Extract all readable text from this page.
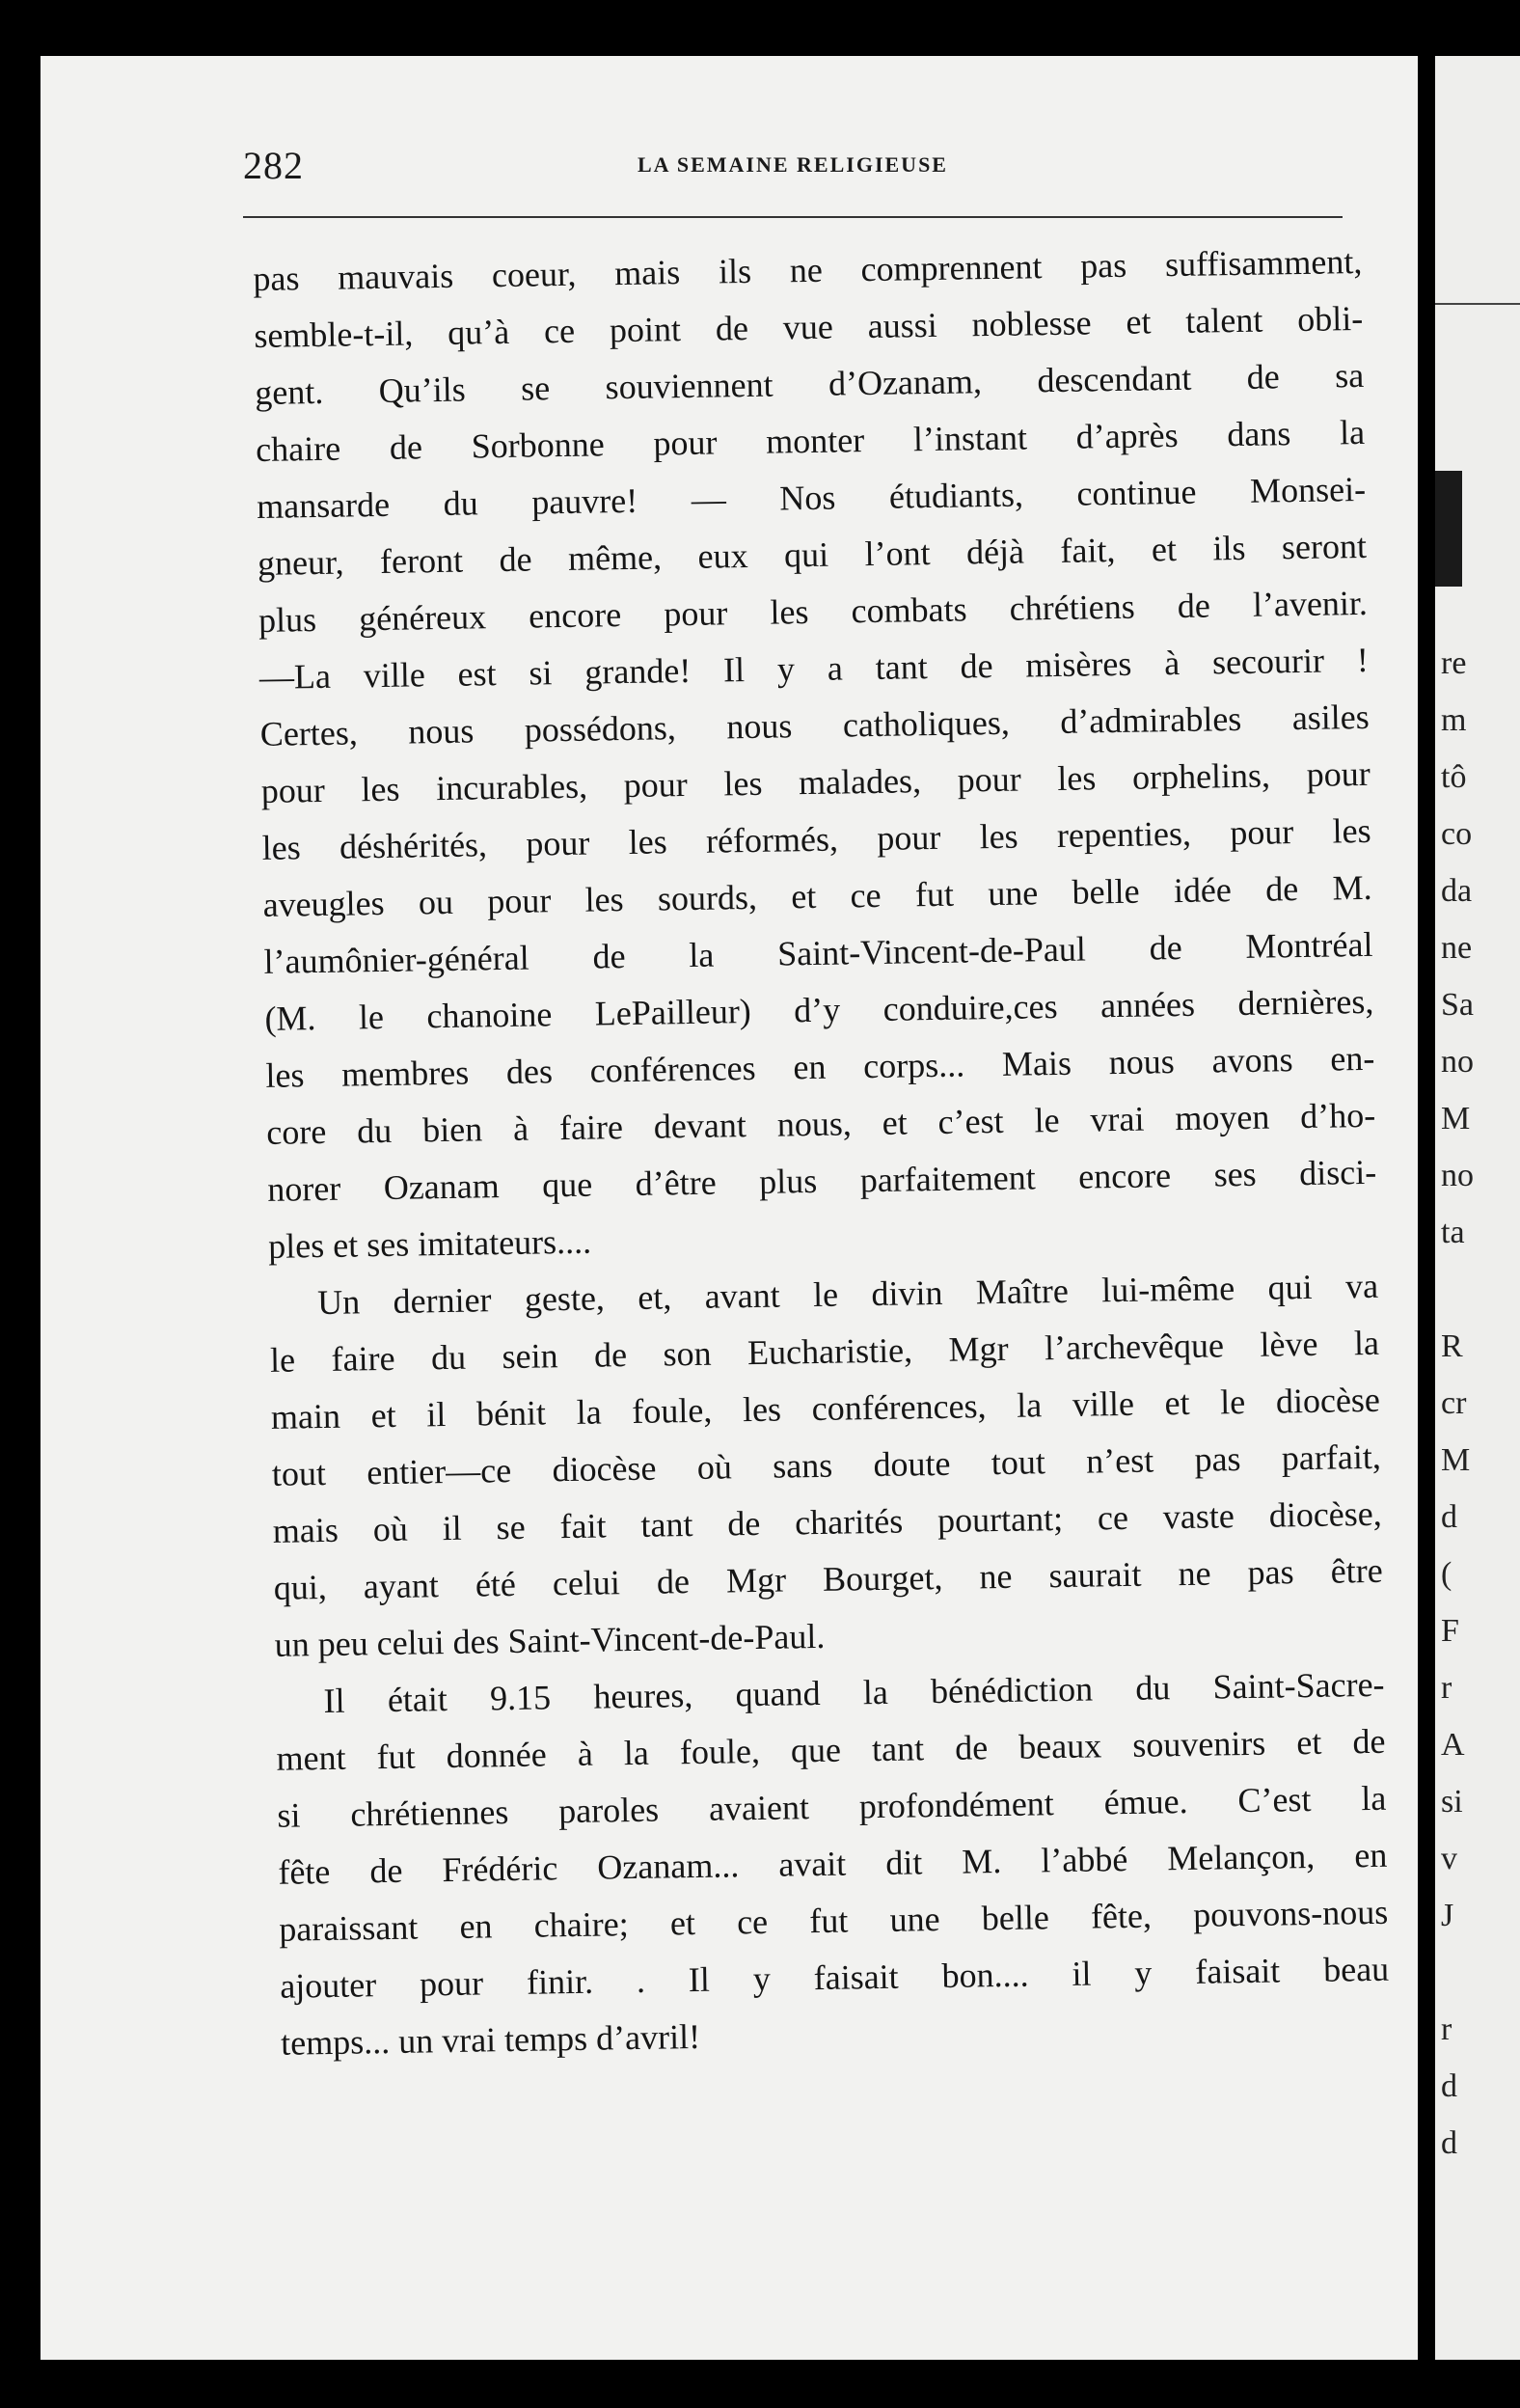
282	LA SEMAINE RELIGIEUSE
pas mauvais coeur, mais ils ne comprennent pas suffisamment,
semble-t-il, qu’à ce point de vue aussi noblesse et talent obli-
gent. Qu’ils se souviennent d’Ozanam, descendant de sa
chaire de Sorbonne pour monter l’instant d’après dans la
mansarde du pauvre! — Nos étudiants, continue Monsei-
gneur, feront de même, eux qui l’ont déjà fait, et ils seront
plus généreux encore pour les combats chrétiens de l’avenir.
—La ville est si grande! Il y a tant de misères à secourir !
Certes, nous possédons, nous catholiques, d’admirables asiles
pour les incurables, pour les malades, pour les orphelins, pour
les déshérités, pour les réformés, pour les repenties, pour les
aveugles ou pour les sourds, et ce fut une belle idée de M.
l’aumônier-général de la Saint-Vincent-de-Paul de Montréal
(M. le chanoine LePailleur) d’y conduire,ces années dernières,
les membres des conférences en corps... Mais nous avons en-
core du bien à faire devant nous, et c’est le vrai moyen d’ho-
norer Ozanam que d’être plus parfaitement encore ses disci-
ples et ses imitateurs....
Un dernier geste, et, avant le divin Maître lui-même qui va
le faire du sein de son Eucharistie, Mgr l’archevêque lève la
main et il bénit la foule, les conférences, la ville et le diocèse
tout entier—ce diocèse où sans doute tout n’est pas parfait,
mais où il se fait tant de charités pourtant; ce vaste diocèse,
qui, ayant été celui de Mgr Bourget, ne saurait ne pas être
un peu celui des Saint-Vincent-de-Paul.
Il était 9.15 heures, quand la bénédiction du Saint-Sacre-
ment fut donnée à la foule, que tant de beaux souvenirs et de
si chrétiennes paroles avaient profondément émue. C’est la
fête de Frédéric Ozanam... avait dit M. l’abbé Melançon, en
paraissant en chaire; et ce fut une belle fête, pouvons-nous
ajouter pour finir. . Il y faisait bon.... il y faisait beau
temps... un vrai temps d’avril!
re
m
tô
co
da
ne
Sa
no
M
no
ta

R
cr
M
d
(
F
r
A
si
v
J

r
d
d
